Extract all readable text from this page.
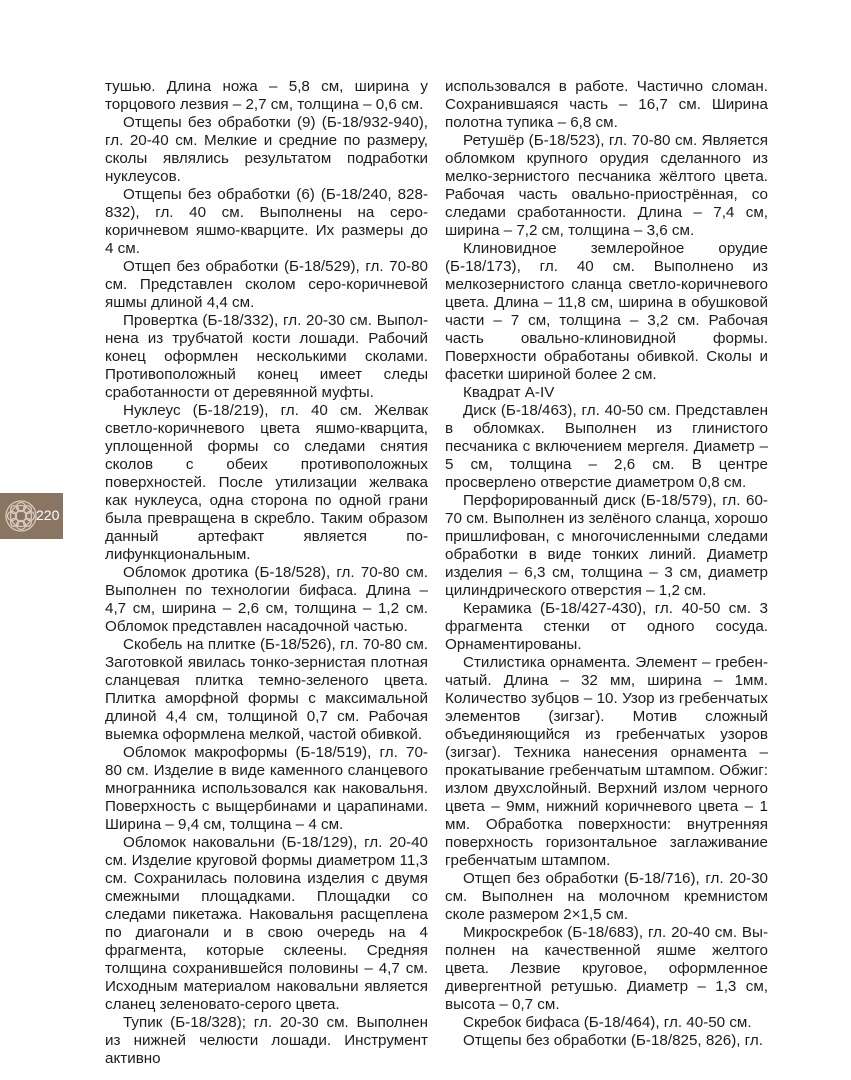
220

тушью. Длина ножа – 5,8 см, ширина у торцового лезвия – 2,7 см, толщина – 0,6 см.

Отщепы без обработки (9) (Б-18/932-940), гл. 20-40 см. Мелкие и средние по размеру, сколы являлись результатом подработки нуклеусов.

Отщепы без обработки (6) (Б-18/240, 828-832), гл. 40 см. Выполнены на серо-коричневом яшмо-кварците. Их размеры до 4 см.

Отщеп без обработки (Б-18/529), гл. 70-80 см. Представлен сколом серо-коричневой яшмы длиной 4,4 см.

Провертка (Б-18/332), гл. 20-30 см. Выполнена из трубчатой кости лошади. Рабочий конец оформлен несколькими сколами. Противоположный конец имеет следы сработанности от деревянной муфты.

Нуклеус (Б-18/219), гл. 40 см. Желвак светло-коричневого цвета яшмо-кварцита, уплощенной формы со следами снятия сколов с обеих противоположных поверхностей. После утилизации желвака как нуклеуса, одна сторона по одной грани была превращена в скребло. Таким образом данный артефакт является полифункциональным.

Обломок дротика (Б-18/528), гл. 70-80 см. Выполнен по технологии бифаса. Длина – 4,7 см, ширина – 2,6 см, толщина – 1,2 см. Обломок представлен насадочной частью.

Скобель на плитке (Б-18/526), гл. 70-80 см. Заготовкой явилась тонко-зернистая плотная сланцевая плитка темно-зеленого цвета. Плитка аморфной формы с максимальной длиной 4,4 см, толщиной 0,7 см. Рабочая выемка оформлена мелкой, частой обивкой.

Обломок макроформы (Б-18/519), гл. 70-80 см. Изделие в виде каменного сланцевого многранника использовался как наковальня. Поверхность с выщербинами и царапинами. Ширина – 9,4 см, толщина – 4 см.

Обломок наковальни (Б-18/129), гл. 20-40 см. Изделие круговой формы диаметром 11,3 см. Сохранилась половина изделия с двумя смежными площадками. Площадки со следами пикетажа. Наковальня расщеплена по диагонали и в свою очередь на 4 фрагмента, которые склеены. Средняя толщина сохранившейся половины – 4,7 см. Исходным материалом наковальни является сланец зеленовато-серого цвета.

Тупик (Б-18/328); гл. 20-30 см. Выполнен из нижней челюсти лошади. Инструмент активно

использовался в работе. Частично сломан. Сохранившаяся часть – 16,7 см. Ширина полотна тупика – 6,8 см.

Ретушёр (Б-18/523), гл. 70-80 см. Является обломком крупного орудия сделанного из мелко-зернистого песчаника жёлтого цвета. Рабочая часть овально-приострённая, со следами сработанности. Длина – 7,4 см, ширина – 7,2 см, толщина – 3,6 см.

Клиновидное землеройное орудие (Б-18/173), гл. 40 см. Выполнено из мелкозернистого сланца светло-коричневого цвета. Длина – 11,8 см, ширина в обушковой части – 7 см, толщина – 3,2 см. Рабочая часть овально-клиновидной формы. Поверхности обработаны обивкой. Сколы и фасетки шириной более 2 см.

Квадрат А-IV

Диск (Б-18/463), гл. 40-50 см. Представлен в обломках. Выполнен из глинистого песчаника с включением мергеля. Диаметр – 5 см, толщина – 2,6 см. В центре просверлено отверстие диаметром 0,8 см.

Перфорированный диск (Б-18/579), гл. 60-70 см. Выполнен из зелёного сланца, хорошо пришлифован, с многочисленными следами обработки в виде тонких линий. Диаметр изделия – 6,3 см, толщина – 3 см, диаметр цилиндрического отверстия – 1,2 см.

Керамика (Б-18/427-430), гл. 40-50 см. 3 фрагмента стенки от одного сосуда. Орнаментированы.

Стилистика орнамента. Элемент – гребенчатый. Длина – 32 мм, ширина – 1мм. Количество зубцов – 10. Узор из гребенчатых элементов (зигзаг). Мотив сложный объединяющийся из гребенчатых узоров (зигзаг). Техника нанесения орнамента – прокатывание гребенчатым штампом. Обжиг: излом двухслойный. Верхний излом черного цвета – 9мм, нижний коричневого цвета – 1 мм. Обработка поверхности: внутренняя поверхность горизонтальное заглаживание гребенчатым штампом.

Отщеп без обработки (Б-18/716), гл. 20-30 см. Выполнен на молочном кремнистом сколе размером 2×1,5 см.

Микроскребок (Б-18/683), гл. 20-40 см. Выполнен на качественной яшме желтого цвета. Лезвие круговое, оформленное дивергентной ретушью. Диаметр – 1,3 см, высота – 0,7 см.

Скребок бифаса (Б-18/464), гл. 40-50 см.

Отщепы без обработки (Б-18/825, 826), гл.
